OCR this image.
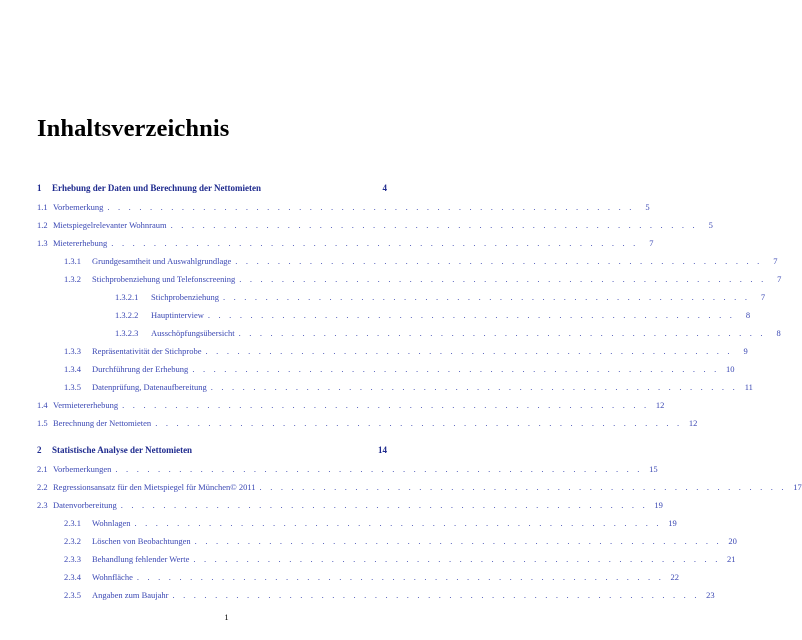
Inhaltsverzeichnis
1	Erhebung der Daten und Berechnung der Nettomieten	4
1.1 Vorbemerkung . . . . . . . . . . . . . . . . . . . . . . . . . . . . . . . . . . . . . . . . . . . . . . . . . .	5
1.2 Mietspiegelrelevanter Wohnraum . . . . . . . . . . . . . . . . . . . . . . . . . . . . . . . . . . . . . . . . . . . . . . . . . .	5
1.3 Mietererhebung . . . . . . . . . . . . . . . . . . . . . . . . . . . . . . . . . . . . . . . . . . . . . . . . . .	7
1.3.1	Grundgesamtheit und Auswahlgrundlage . . . . . . . . . . . . . . . . . . . . . . . . . . . . . . . . . . . . . . . . . . . . . . . . . .	7
1.3.2	Stichprobenziehung und Telefonscreening . . . . . . . . . . . . . . . . . . . . . . . . . . . . . . . . . . . . . . . . . . . . . . . . . .	7
1.3.2.1	Stichprobenziehung . . . . . . . . . . . . . . . . . . . . . . . . . . . . . . . . . . . . . . . . . . . . . . . . . .	7
1.3.2.2	Hauptinterview . . . . . . . . . . . . . . . . . . . . . . . . . . . . . . . . . . . . . . . . . . . . . . . . . .	8
1.3.2.3	Ausschöpfungsübersicht . . . . . . . . . . . . . . . . . . . . . . . . . . . . . . . . . . . . . . . . . . . . . . . . . .	8
1.3.3	Repräsentativität der Stichprobe . . . . . . . . . . . . . . . . . . . . . . . . . . . . . . . . . . . . . . . . . . . . . . . . . .	9
1.3.4	Durchführung der Erhebung . . . . . . . . . . . . . . . . . . . . . . . . . . . . . . . . . . . . . . . . . . . . . . . . . . 10
1.3.5	Datenprüfung, Datenaufbereitung . . . . . . . . . . . . . . . . . . . . . . . . . . . . . . . . . . . . . . . . . . . . . . . . . . 11
1.4 Vermietererhebung . . . . . . . . . . . . . . . . . . . . . . . . . . . . . . . . . . . . . . . . . . . . . . . . . . 12
1.5 Berechnung der Nettomieten . . . . . . . . . . . . . . . . . . . . . . . . . . . . . . . . . . . . . . . . . . . . . . . . . . 12
2	Statistische Analyse der Nettomieten	14
2.1 Vorbemerkungen . . . . . . . . . . . . . . . . . . . . . . . . . . . . . . . . . . . . . . . . . . . . . . . . . . 15
2.2 Regressionsansatz für den Mietspiegel für München© 2011 . . . . . . . . . . . . . . . . . . . . . . . . . . . . . . . . . . . . . . . . . . . . . . . . . . 17
2.3 Datenvorbereitung . . . . . . . . . . . . . . . . . . . . . . . . . . . . . . . . . . . . . . . . . . . . . . . . . . 19
2.3.1	Wohnlagen . . . . . . . . . . . . . . . . . . . . . . . . . . . . . . . . . . . . . . . . . . . . . . . . . . 19
2.3.2	Löschen von Beobachtungen . . . . . . . . . . . . . . . . . . . . . . . . . . . . . . . . . . . . . . . . . . . . . . . . . . 20
2.3.3	Behandlung fehlender Werte . . . . . . . . . . . . . . . . . . . . . . . . . . . . . . . . . . . . . . . . . . . . . . . . . . 21
2.3.4	Wohnfläche . . . . . . . . . . . . . . . . . . . . . . . . . . . . . . . . . . . . . . . . . . . . . . . . . . 22
2.3.5	Angaben zum Baujahr . . . . . . . . . . . . . . . . . . . . . . . . . . . . . . . . . . . . . . . . . . . . . . . . . . 23
1
